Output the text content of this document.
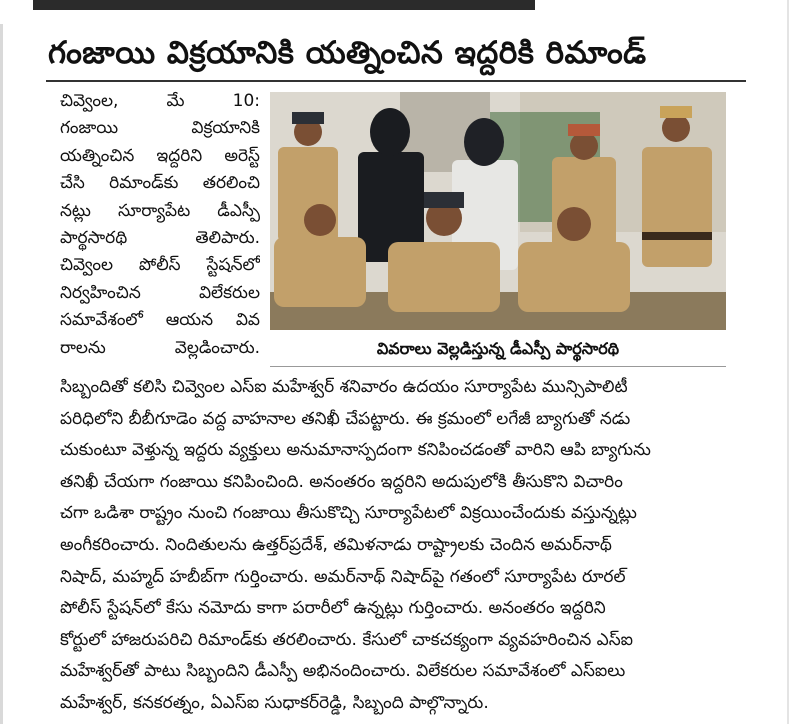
గంజాయి విక్రయానికి యత్నించిన ఇద్దరికి రిమాండ్
చివ్వెంల, మే 10:
గంజాయి విక్రయానికి
యత్నించిన ఇద్దరిని అరెస్ట్
చేసి రిమాండ్‌కు తరలించి
నట్లు సూర్యాపేట డీఎస్పీ
పార్థసారథి తెలిపారు.
చివ్వెంల పోలీస్ స్టేషన్‌లో
నిర్వహించిన విలేకరుల
సమావేశంలో ఆయన వివ
రాలను వెల్లడించారు.	వివరాలు వెల్లడిస్తున్న డీఎస్పీ పార్థసారథి
సిబ్బందితో కలిసి చివ్వెంల ఎస్ఐ మహేశ్వర్ శనివారం ఉదయం సూర్యాపేట మున్సిపాలిటీ
పరిధిలోని బీబీగూడెం వద్ద వాహనాల తనిఖీ చేపట్టారు. ఈ క్రమంలో లగేజీ బ్యాగుతో నడు
చుకుంటూ వెళ్తున్న ఇద్దరు వ్యక్తులు అనుమానాస్పదంగా కనిపించడంతో వారిని ఆపి బ్యాగును
తనిఖీ చేయగా గంజాయి కనిపించింది. అనంతరం ఇద్దరిని అదుపులోకి తీసుకొని విచారిం
చగా ఒడిశా రాష్ట్రం నుంచి గంజాయి తీసుకొచ్చి సూర్యాపేటలో విక్రయించేందుకు వస్తున్నట్లు
అంగీకరించారు. నిందితులను ఉత్తర్‌ప్రదేశ్, తమిళనాడు రాష్ట్రాలకు చెందిన అమర్‌నాథ్
నిషాద్, మహ్మద్ హబీబ్‌గా గుర్తించారు. అమర్‌నాథ్ నిషాద్‌పై గతంలో సూర్యాపేట రూరల్
పోలీస్ స్టేషన్‌లో కేసు నమోదు కాగా పరారీలో ఉన్నట్లు గుర్తించారు. అనంతరం ఇద్దరిని
కోర్టులో హాజరుపరిచి రిమాండ్‌కు తరలించారు. కేసులో చాకచక్యంగా వ్యవహరించిన ఎస్ఐ
మహేశ్వర్‌తో పాటు సిబ్బందిని డీఎస్పీ అభినందించారు. విలేకరుల సమావేశంలో ఎస్ఐలు
మహేశ్వర్, కనకరత్నం, ఏఎస్ఐ సుధాకర్‌రెడ్డి, సిబ్బంది పాల్గొన్నారు.
